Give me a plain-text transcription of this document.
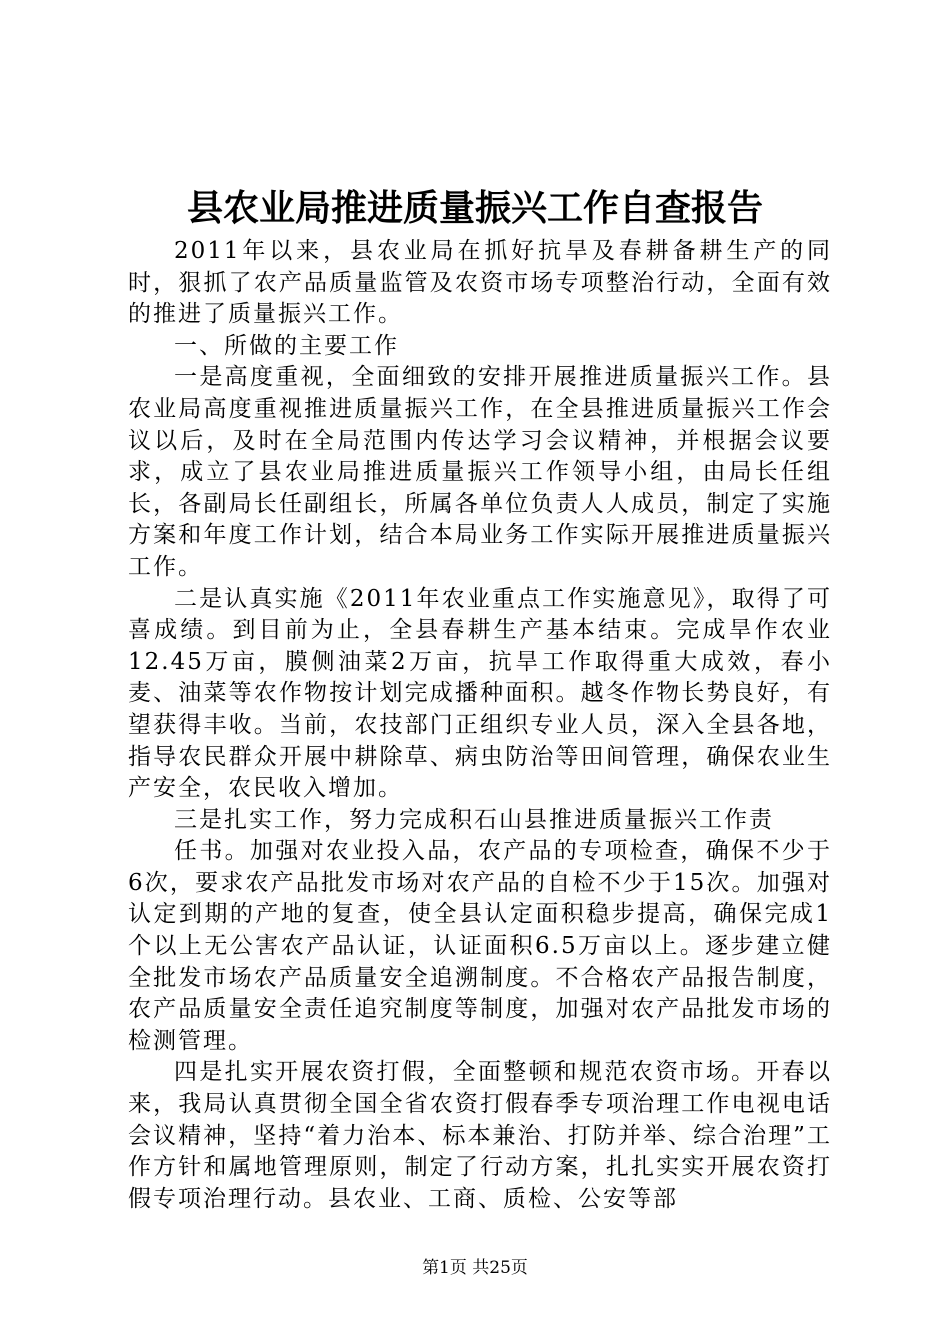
县农业局推进质量振兴工作自查报告

2011年以来，县农业局在抓好抗旱及春耕备耕生产的同时，狠抓了农产品质量监管及农资市场专项整治行动，全面有效的推进了质量振兴工作。

一、所做的主要工作

一是高度重视，全面细致的安排开展推进质量振兴工作。县农业局高度重视推进质量振兴工作，在全县推进质量振兴工作会议以后，及时在全局范围内传达学习会议精神，并根据会议要求，成立了县农业局推进质量振兴工作领导小组，由局长任组长，各副局长任副组长，所属各单位负责人人成员，制定了实施方案和年度工作计划，结合本局业务工作实际开展推进质量振兴工作。

二是认真实施《2011年农业重点工作实施意见》，取得了可喜成绩。到目前为止，全县春耕生产基本结束。完成旱作农业12.45万亩，膜侧油菜2万亩，抗旱工作取得重大成效，春小麦、油菜等农作物按计划完成播种面积。越冬作物长势良好，有望获得丰收。当前，农技部门正组织专业人员，深入全县各地，指导农民群众开展中耕除草、病虫防治等田间管理，确保农业生产安全，农民收入增加。

三是扎实工作，努力完成积石山县推进质量振兴工作责

任书。加强对农业投入品，农产品的专项检查，确保不少于6次，要求农产品批发市场对农产品的自检不少于15次。加强对认定到期的产地的复查，使全县认定面积稳步提高，确保完成1个以上无公害农产品认证，认证面积6.5万亩以上。逐步建立健全批发市场农产品质量安全追溯制度。不合格农产品报告制度，农产品质量安全责任追究制度等制度，加强对农产品批发市场的检测管理。

四是扎实开展农资打假，全面整顿和规范农资市场。开春以来，我局认真贯彻全国全省农资打假春季专项治理工作电视电话会议精神，坚持“着力治本、标本兼治、打防并举、综合治理”工作方针和属地管理原则，制定了行动方案，扎扎实实开展农资打假专项治理行动。县农业、工商、质检、公安等部

第1页 共25页
